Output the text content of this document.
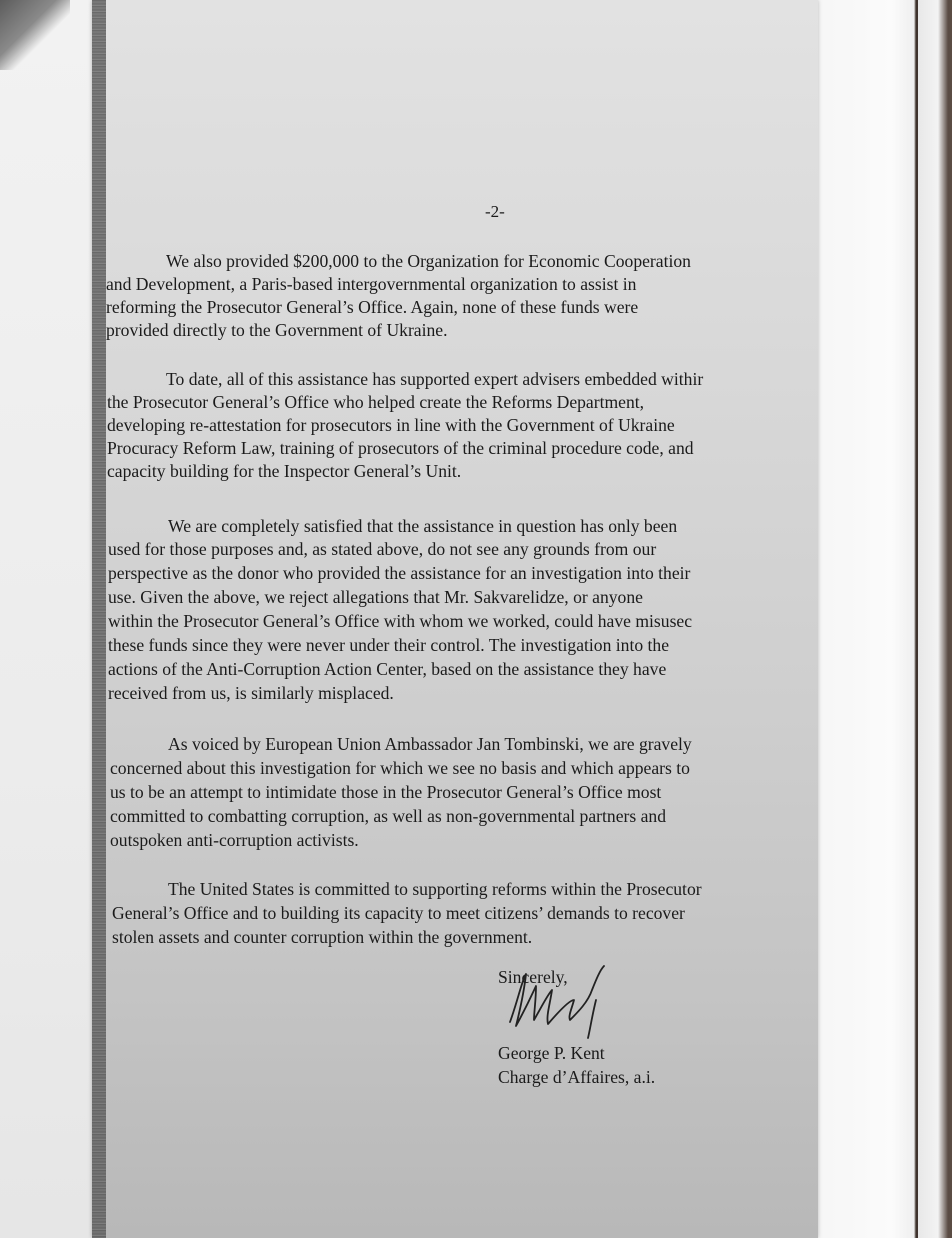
-2-
We also provided $200,000 to the Organization for Economic Cooperation
and Development, a Paris-based intergovernmental organization to assist in
reforming the Prosecutor General’s Office. Again, none of these funds were
provided directly to the Government of Ukraine.
To date, all of this assistance has supported expert advisers embedded withir
the Prosecutor General’s Office who helped create the Reforms Department,
developing re-attestation for prosecutors in line with the Government of Ukraine
Procuracy Reform Law, training of prosecutors of the criminal procedure code, and
capacity building for the Inspector General’s Unit.
We are completely satisfied that the assistance in question has only been
used for those purposes and, as stated above, do not see any grounds from our
perspective as the donor who provided the assistance for an investigation into their
use. Given the above, we reject allegations that Mr. Sakvarelidze, or anyone
within the Prosecutor General’s Office with whom we worked, could have misusec
these funds since they were never under their control. The investigation into the
actions of the Anti-Corruption Action Center, based on the assistance they have
received from us, is similarly misplaced.
As voiced by European Union Ambassador Jan Tombinski, we are gravely
concerned about this investigation for which we see no basis and which appears to
us to be an attempt to intimidate those in the Prosecutor General’s Office most
committed to combatting corruption, as well as non-governmental partners and
outspoken anti-corruption activists.
The United States is committed to supporting reforms within the Prosecutor
General’s Office and to building its capacity to meet citizens’ demands to recover
stolen assets and counter corruption within the government.
Sincerely,
George P. Kent
Charge d’Affaires, a.i.
